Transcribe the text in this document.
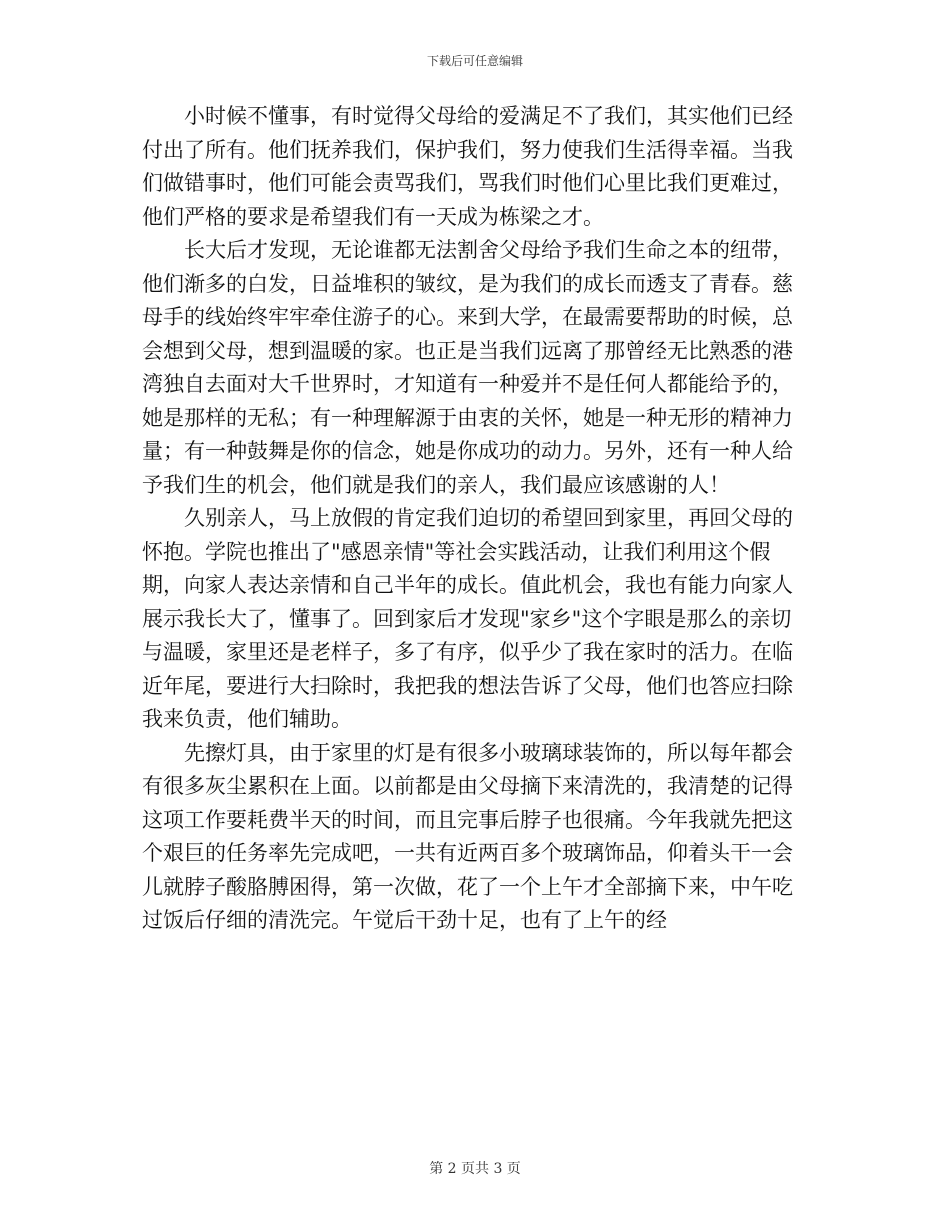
下载后可任意编辑

小时候不懂事，有时觉得父母给的爱满足不了我们，其实他们已经付出了所有。他们抚养我们，保护我们，努力使我们生活得幸福。当我们做错事时，他们可能会责骂我们，骂我们时他们心里比我们更难过，他们严格的要求是希望我们有一天成为栋梁之才。

长大后才发现，无论谁都无法割舍父母给予我们生命之本的纽带，他们渐多的白发，日益堆积的皱纹，是为我们的成长而透支了青春。慈母手的线始终牢牢牵住游子的心。来到大学，在最需要帮助的时候，总会想到父母，想到温暖的家。也正是当我们远离了那曾经无比熟悉的港湾独自去面对大千世界时，才知道有一种爱并不是任何人都能给予的，她是那样的无私；有一种理解源于由衷的关怀，她是一种无形的精神力量；有一种鼓舞是你的信念，她是你成功的动力。另外，还有一种人给予我们生的机会，他们就是我们的亲人，我们最应该感谢的人！

久别亲人，马上放假的肯定我们迫切的希望回到家里，再回父母的怀抱。学院也推出了"感恩亲情"等社会实践活动，让我们利用这个假期，向家人表达亲情和自己半年的成长。值此机会，我也有能力向家人展示我长大了，懂事了。回到家后才发现"家乡"这个字眼是那么的亲切与温暖，家里还是老样子，多了有序，似乎少了我在家时的活力。在临近年尾，要进行大扫除时，我把我的想法告诉了父母，他们也答应扫除我来负责，他们辅助。

先擦灯具，由于家里的灯是有很多小玻璃球装饰的，所以每年都会有很多灰尘累积在上面。以前都是由父母摘下来清洗的，我清楚的记得这项工作要耗费半天的时间，而且完事后脖子也很痛。今年我就先把这个艰巨的任务率先完成吧，一共有近两百多个玻璃饰品，仰着头干一会儿就脖子酸胳膊困得，第一次做，花了一个上午才全部摘下来，中午吃过饭后仔细的清洗完。午觉后干劲十足，也有了上午的经

第 2 页共 3 页
